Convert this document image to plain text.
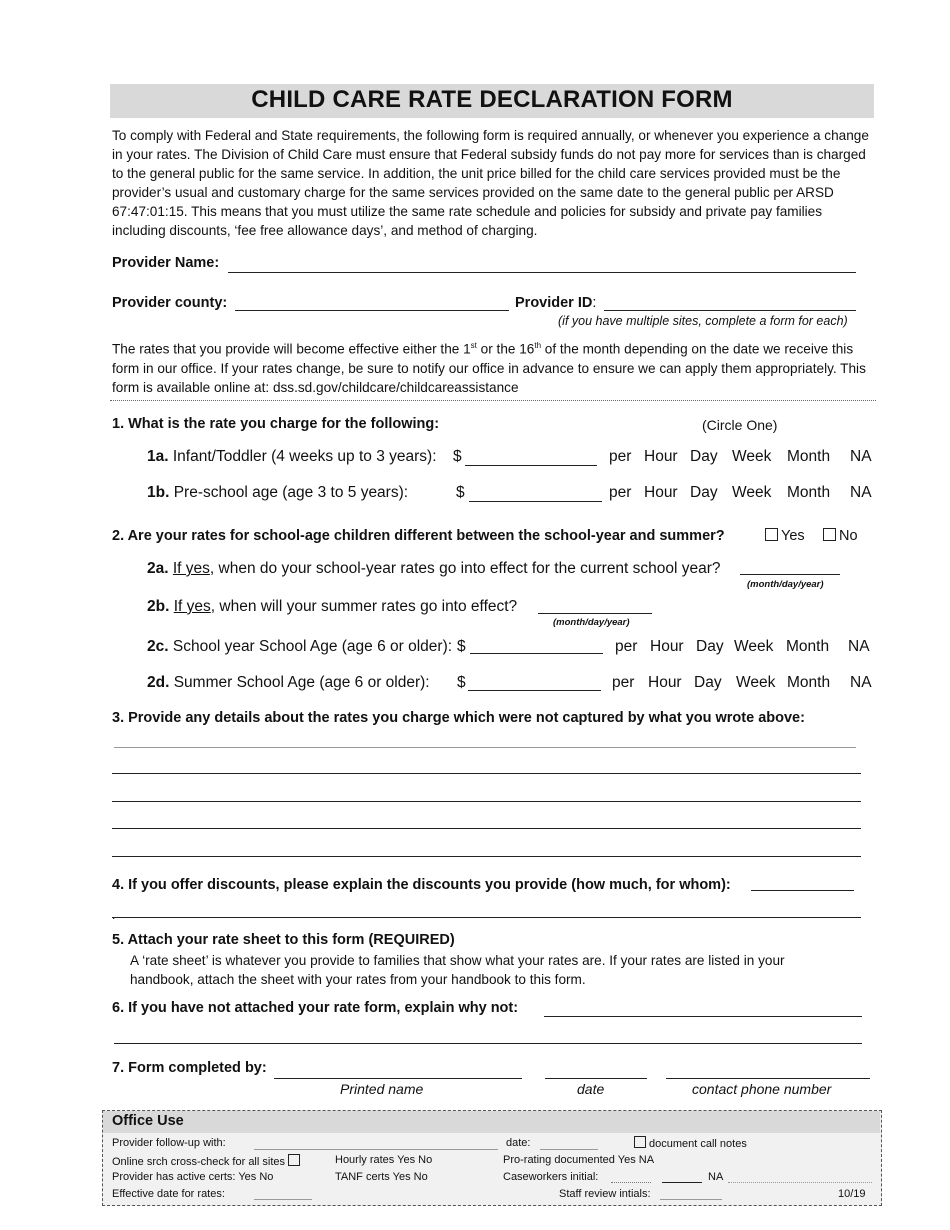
CHILD CARE RATE DECLARATION FORM
To comply with Federal and State requirements, the following form is required annually, or whenever you experience a change in your rates. The Division of Child Care must ensure that Federal subsidy funds do not pay more for services than is charged to the general public for the same service. In addition, the unit price billed for the child care services provided must be the provider’s usual and customary charge for the same services provided on the same date to the general public per ARSD 67:47:01:15. This means that you must utilize the same rate schedule and policies for subsidy and private pay families including discounts, ‘fee free allowance days’, and method of charging.
Provider Name:
Provider county:	Provider ID:
(if you have multiple sites, complete a form for each)
The rates that you provide will become effective either the 1st or the 16th of the month depending on the date we receive this form in our office. If your rates change, be sure to notify our office in advance to ensure we can apply them appropriately. This form is available online at: dss.sd.gov/childcare/childcareassistance
1. What is the rate you charge for the following:	(Circle One)
1a. Infant/Toddler (4 weeks up to 3 years): $	per Hour Day Week Month NA
1b. Pre-school age (age 3 to 5 years):	$	per Hour Day Week Month NA
2. Are your rates for school-age children different between the school-year and summer?	Yes	No
2a. If yes, when do your school-year rates go into effect for the current school year?
(month/day/year)
2b. If yes, when will your summer rates go into effect?
(month/day/year)
2c. School year School Age (age 6 or older): $	per Hour Day Week Month NA
2d. Summer School Age (age 6 or older): $	per Hour Day Week Month NA
3. Provide any details about the rates you charge which were not captured by what you wrote above:
4. If you offer discounts, please explain the discounts you provide (how much, for whom):
.
5. Attach your rate sheet to this form (REQUIRED)
A ‘rate sheet’ is whatever you provide to families that show what your rates are. If your rates are listed in your handbook, attach the sheet with your rates from your handbook to this form.
6. If you have not attached your rate form, explain why not:
7. Form completed by:
Printed name	date	contact phone number
Office Use
Provider follow-up with:	date:	document call notes
Online srch cross-check for all sites	Hourly rates Yes No	Pro-rating documented Yes NA
Provider has active certs: Yes No	TANF certs Yes No	Caseworkers initial:	NA
Effective date for rates:	Staff review intials:	10/19
